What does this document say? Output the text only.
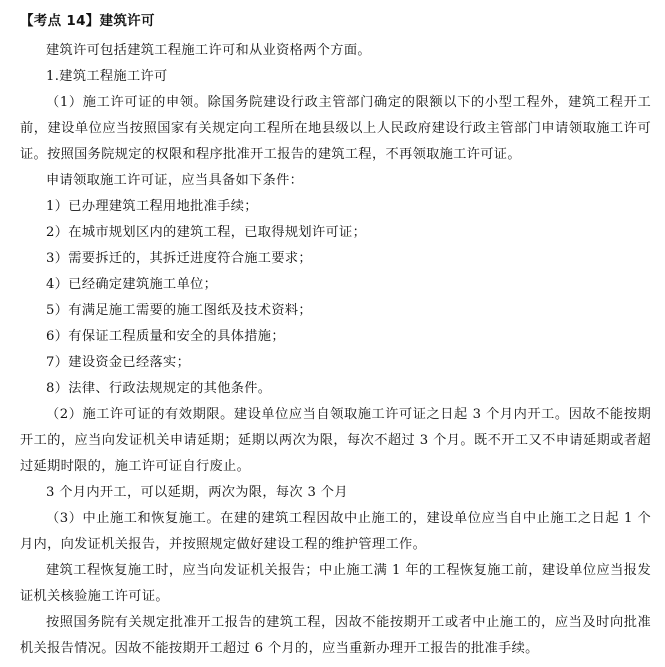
【考点 14】建筑许可

建筑许可包括建筑工程施工许可和从业资格两个方面。

1.建筑工程施工许可

（1）施工许可证的申领。除国务院建设行政主管部门确定的限额以下的小型工程外，建筑工程开工前，建设单位应当按照国家有关规定向工程所在地县级以上人民政府建设行政主管部门申请领取施工许可证。按照国务院规定的权限和程序批准开工报告的建筑工程，不再领取施工许可证。

申请领取施工许可证，应当具备如下条件：

1）已办理建筑工程用地批准手续；

2）在城市规划区内的建筑工程，已取得规划许可证；

3）需要拆迁的，其拆迁进度符合施工要求；

4）已经确定建筑施工单位；

5）有满足施工需要的施工图纸及技术资料；

6）有保证工程质量和安全的具体措施；

7）建设资金已经落实；

8）法律、行政法规规定的其他条件。

（2）施工许可证的有效期限。建设单位应当自领取施工许可证之日起 3 个月内开工。因故不能按期开工的，应当向发证机关申请延期；延期以两次为限，每次不超过 3 个月。既不开工又不申请延期或者超过延期时限的，施工许可证自行废止。

3 个月内开工，可以延期，两次为限，每次 3 个月

（3）中止施工和恢复施工。在建的建筑工程因故中止施工的，建设单位应当自中止施工之日起 1 个月内，向发证机关报告，并按照规定做好建设工程的维护管理工作。

建筑工程恢复施工时，应当向发证机关报告；中止施工满 1 年的工程恢复施工前，建设单位应当报发证机关核验施工许可证。

按照国务院有关规定批准开工报告的建筑工程，因故不能按期开工或者中止施工的，应当及时向批准机关报告情况。因故不能按期开工超过 6 个月的，应当重新办理开工报告的批准手续。
